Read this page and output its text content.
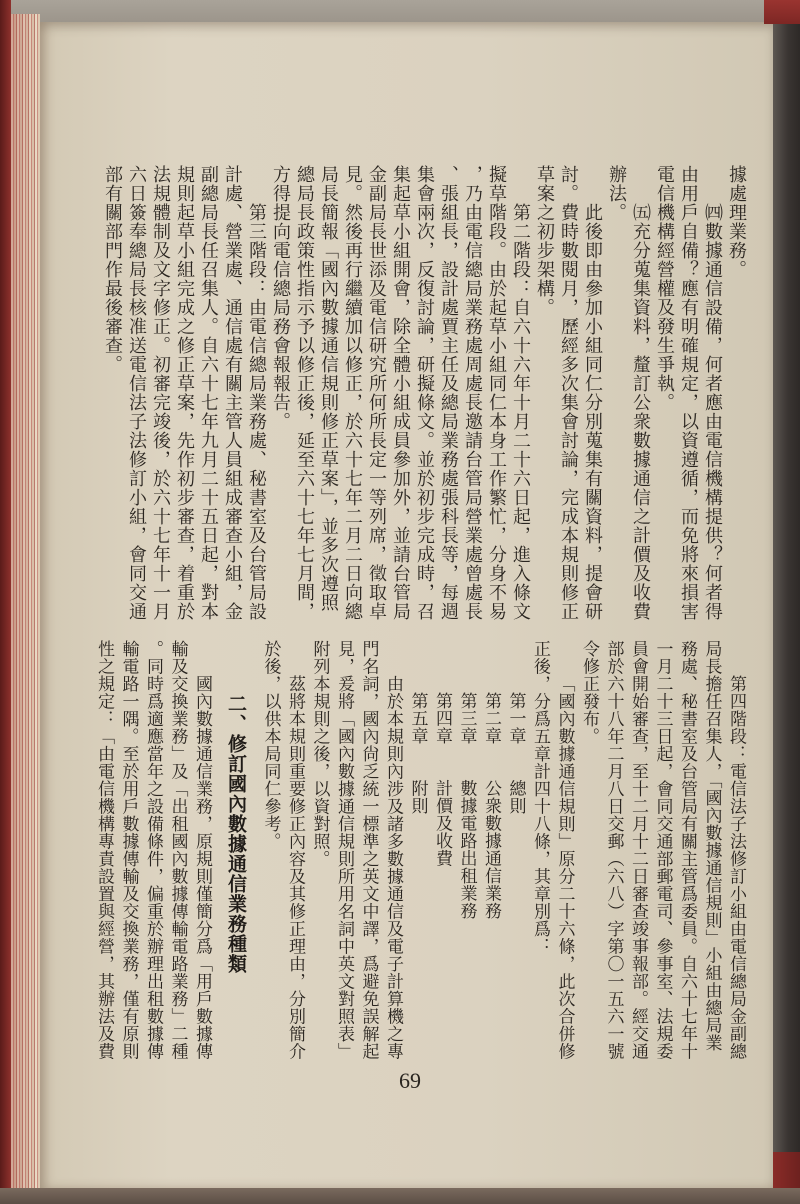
據處理業務。
㈣數據通信設備，何者應由電信機構提供？何者得
由用戶自備？應有明確規定，以資遵循，而免將來損害
電信機構經營權及發生爭執。
㈤充分蒐集資料，釐訂公衆數據通信之計價及收費
辦法。
此後即由參加小組同仁分別蒐集有關資料，提會研
討。費時數閱月，歷經多次集會討論，完成本規則修正
草案之初步架構。
第二階段：自六十六年十月二十六日起，進入條文
擬草階段。由於起草小組同仁本身工作繁忙，分身不易
，乃由電信總局業務處周處長邀請台管局營業處曾處長
、張組長，設計處賈主任及總局業務處張科長等，每週
集會兩次，反復討論，研擬條文。並於初步完成時，召
集起草小組開會，除全體小組成員參加外，並請台管局
金副局長世添及電信研究所何所長定一等列席，徵取卓
見。然後再行繼續加以修正，於六十七年二月二日向總
局長簡報「國內數據通信規則修正草案」，並多次遵照
總局長政策性指示予以修正後，延至六十七年七月間，
方得提向電信總局務會報報告。
第三階段：由電信總局業務處、秘書室及台管局設
計處、營業處、通信處有關主管人員組成審查小組，金
副總局長任召集人。自六十七年九月二十五日起，對本
規則起草小組完成之修正草案，先作初步審查，着重於
法規體制及文字修正。初審完竣後，於六十七年十一月
六日簽奉總局長核准送電信法子法修訂小組，會同交通
部有關部門作最後審查。
第四階段：電信法子法修訂小組由電信總局金副總
局長擔任召集人，「國內數據通信規則」小組由總局業
務處、秘書室及台管局有關主管爲委員。自六十七年十
一月二十三日起，會同交通部郵電司、參事室、法規委
員會開始審查，至十二月十二日審查竣事報部。經交通
部於六十八年二月八日交郵（六八）字第〇一五六一號
令修正發布。
「國內數據通信規則」原分二十六條，此次合併修
正後，分爲五章計四十八條，其章別爲：
第一章總則
第二章公衆數據通信業務
第三章數據電路出租業務
第四章計價及收費
第五章附則
由於本規則內涉及諸多數據通信及電子計算機之專
門名詞，國內尙乏統一標準之英文中譯，爲避免誤解起
見，爰將「國內數據通信規則所用名詞中英文對照表」
附列本規則之後，以資對照。
茲將本規則重要修正內容及其修正理由，分別簡介
於後，以供本局同仁參考。
二、修訂國內數據通信業務種類
國內數據通信業務，原規則僅簡分爲「用戶數據傳
輸及交換業務」及「出租國內數據傳輸電路業務」二種
。同時爲適應當年之設備條件，偏重於辦理出租數據傳
輸電路一隅。至於用戶數據傳輸及交換業務，僅有原則
性之規定：「由電信機構專責設置與經營，其辦法及費
69
